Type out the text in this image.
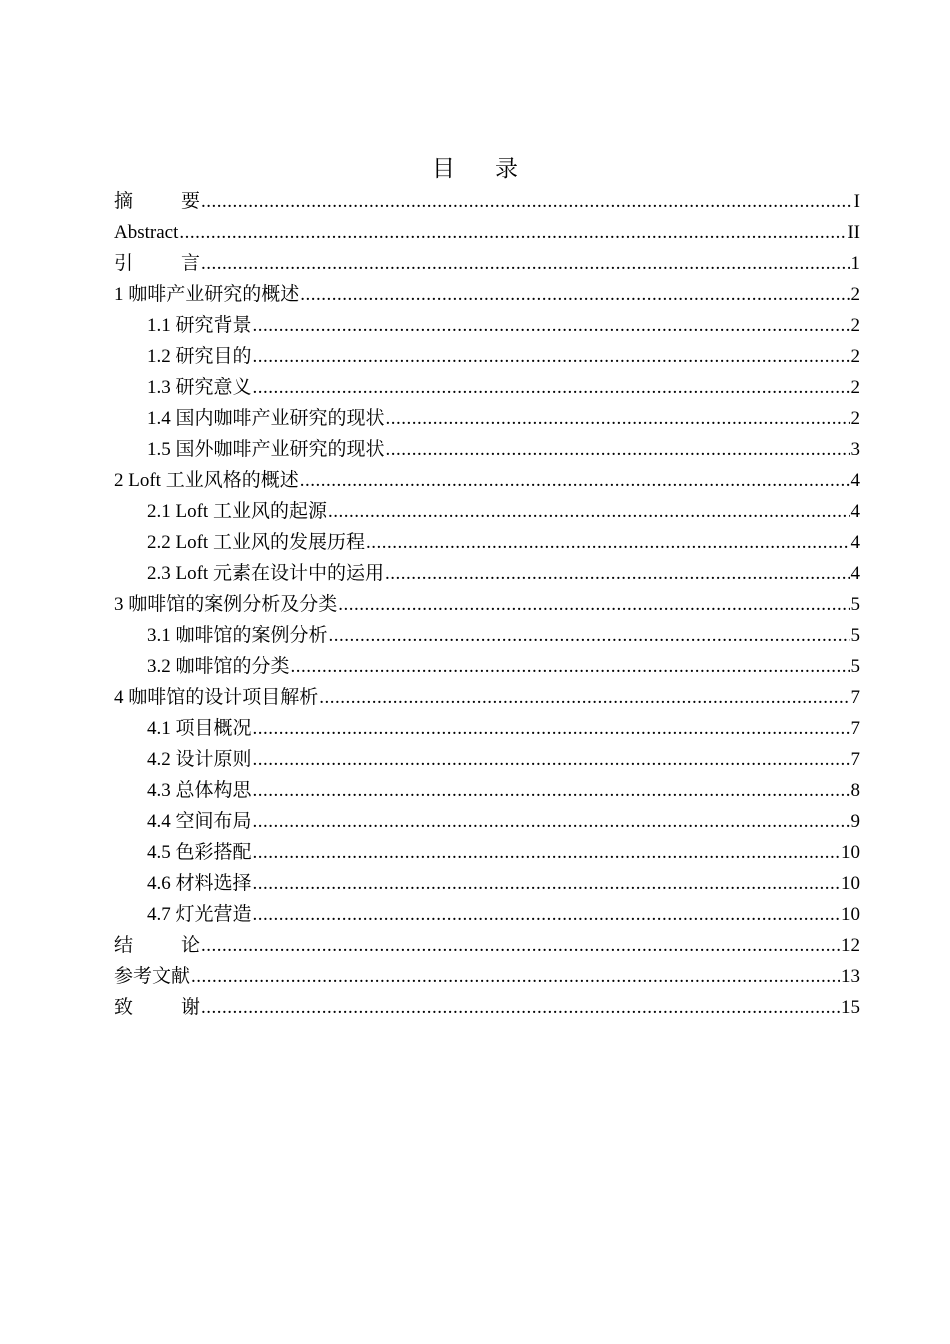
目 录
摘	要 .....	I
Abstract .....	II
引	言 .....	1
1 咖啡产业研究的概述 .....	2
1.1 研究背景 .....	2
1.2 研究目的 .....	2
1.3 研究意义 .....	2
1.4 国内咖啡产业研究的现状 .....	2
1.5 国外咖啡产业研究的现状 .....	3
2 Loft 工业风格的概述 .....	4
2.1 Loft 工业风的起源 .....	4
2.2 Loft 工业风的发展历程 .....	4
2.3 Loft 元素在设计中的运用 .....	4
3 咖啡馆的案例分析及分类 .....	5
3.1 咖啡馆的案例分析 .....	5
3.2 咖啡馆的分类 .....	5
4 咖啡馆的设计项目解析 .....	7
4.1 项目概况 .....	7
4.2 设计原则 .....	7
4.3 总体构思 .....	8
4.4 空间布局 .....	9
4.5 色彩搭配 .....	10
4.6 材料选择 .....	10
4.7 灯光营造 .....	10
结	论 .....	12
参考文献 .....	13
致	谢 .....	15
